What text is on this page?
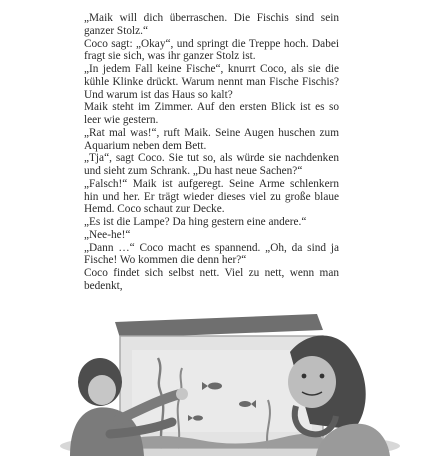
„Maik will dich überraschen. Die Fischis sind sein ganzer Stolz.“

Coco sagt: „Okay“, und springt die Treppe hoch. Dabei fragt sie sich, was ihr ganzer Stolz ist.

„In jedem Fall keine Fische“, knurrt Coco, als sie die kühle Klinke drückt. Warum nennt man Fische Fischis? Und warum ist das Haus so kalt?

Maik steht im Zimmer. Auf den ersten Blick ist es so leer wie gestern.

„Rat mal was!“, ruft Maik. Seine Augen huschen zum Aquarium neben dem Bett.

„Tja“, sagt Coco. Sie tut so, als würde sie nachdenken und sieht zum Schrank. „Du hast neue Sachen?“

„Falsch!“ Maik ist aufgeregt. Seine Arme schlenkern hin und her. Er trägt wieder dieses viel zu große blaue Hemd. Coco schaut zur Decke.

„Es ist die Lampe? Da hing gestern eine andere.“

„Nee-he!“

„Dann …“ Coco macht es spannend. „Oh, da sind ja Fische! Wo kommen die denn her?“

Coco findet sich selbst nett. Viel zu nett, wenn man bedenkt,
